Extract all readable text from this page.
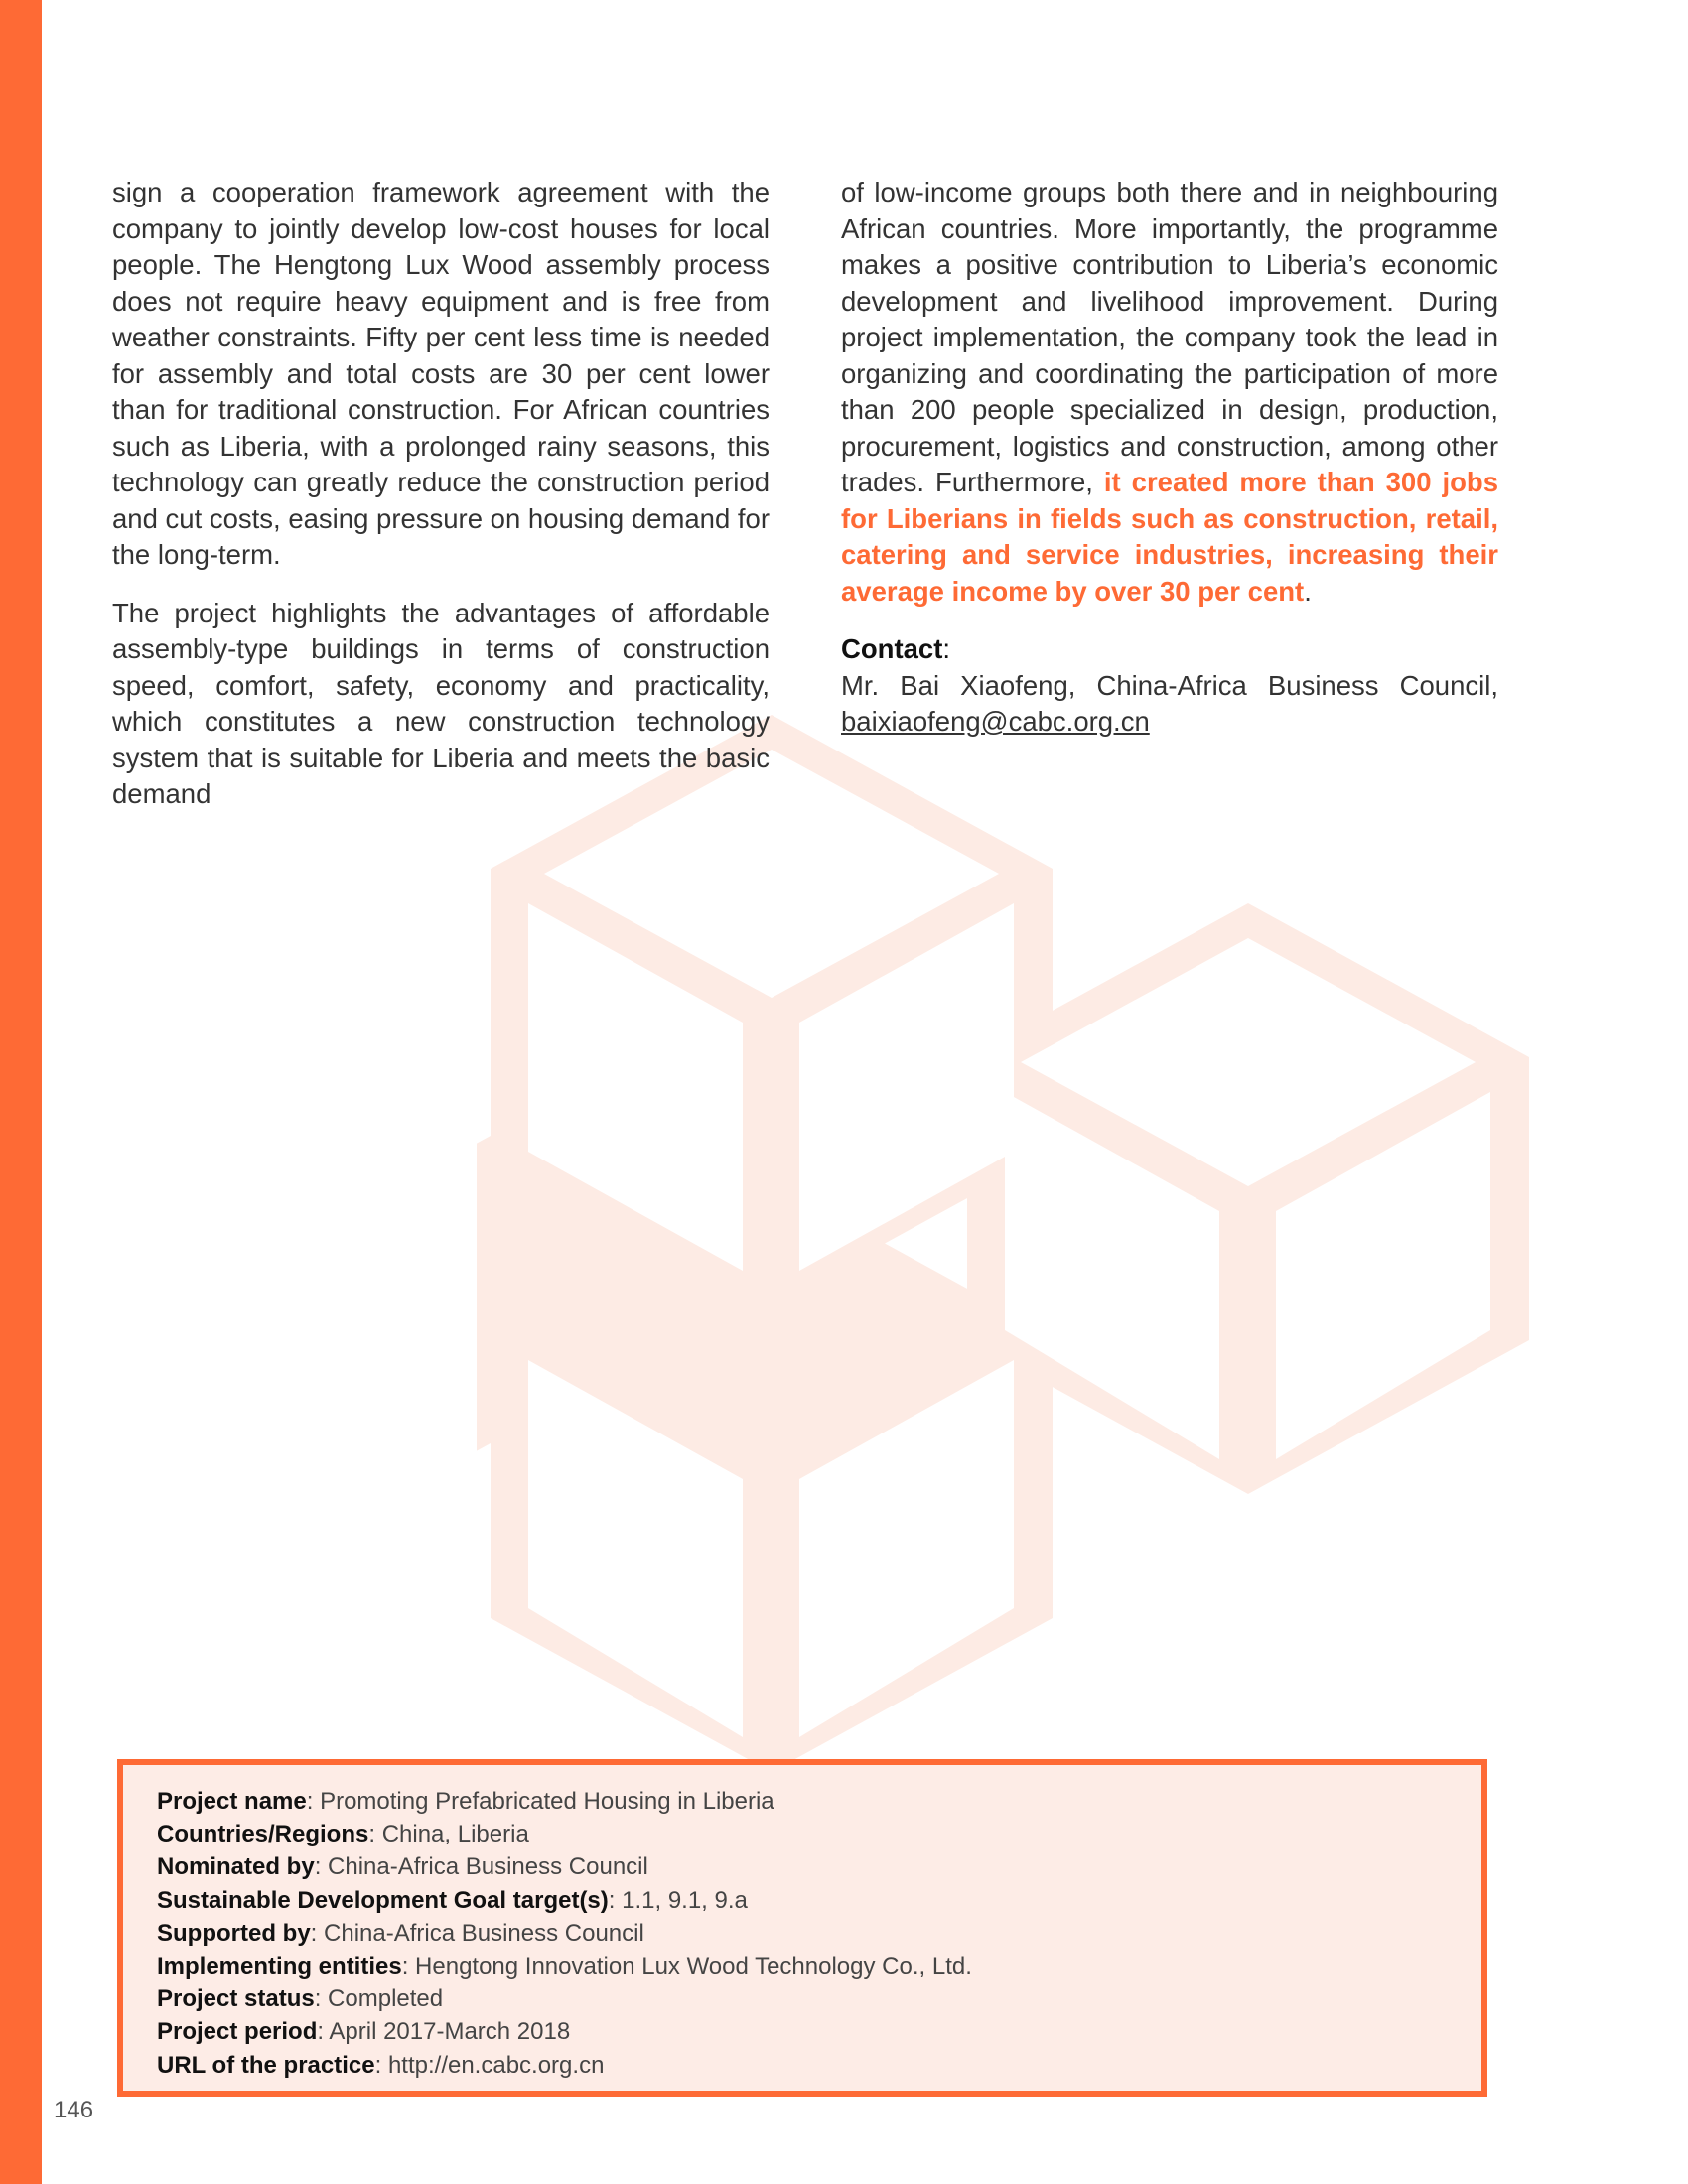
sign a cooperation framework agreement with the company to jointly develop low-cost houses for local people. The Hengtong Lux Wood assembly process does not require heavy equipment and is free from weather constraints. Fifty per cent less time is needed for assembly and total costs are 30 per cent lower than for traditional construction. For African countries such as Liberia, with a prolonged rainy seasons, this technology can greatly reduce the construction period and cut costs, easing pressure on housing demand for the long-term.

The project highlights the advantages of affordable assembly-type buildings in terms of construction speed, comfort, safety, economy and practicality, which constitutes a new construction technology system that is suitable for Liberia and meets the basic demand

of low-income groups both there and in neighbouring African countries. More importantly, the programme makes a positive contribution to Liberia’s economic development and livelihood improvement. During project implementation, the company took the lead in organizing and coordinating the participation of more than 200 people specialized in design, production, procurement, logistics and construction, among other trades. Furthermore, it created more than 300 jobs for Liberians in fields such as construction, retail, catering and service industries, increasing their average income by over 30 per cent.

Contact:
Mr. Bai Xiaofeng, China-Africa Business Council,
baixiaofeng@cabc.org.cn
Project name: Promoting Prefabricated Housing in Liberia
Countries/Regions: China, Liberia
Nominated by: China-Africa Business Council
Sustainable Development Goal target(s): 1.1, 9.1, 9.a
Supported by: China-Africa Business Council
Implementing entities: Hengtong Innovation Lux Wood Technology Co., Ltd.
Project status: Completed
Project period: April 2017-March 2018
URL of the practice: http://en.cabc.org.cn
146
